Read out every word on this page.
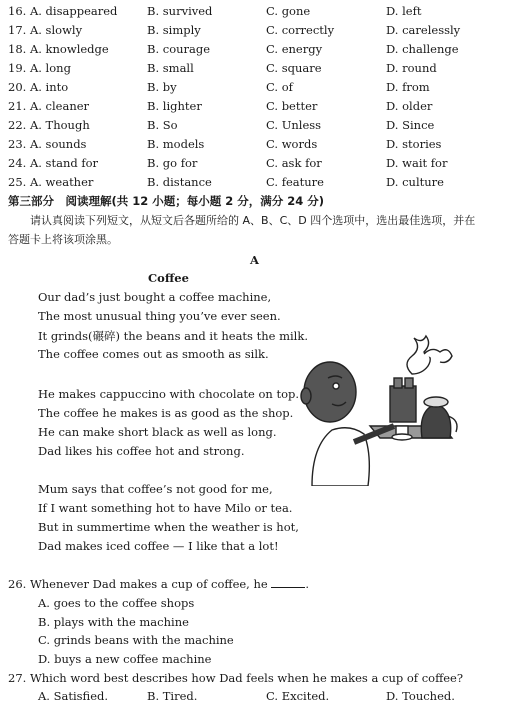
16. A. disappeared	B. survived	C. gone	D. left
17. A. slowly	B. simply	C. correctly	D. carelessly
18. A. knowledge	B. courage	C. energy	D. challenge
19. A. long	B. small	C. square	D. round
20. A. into	B. by	C. of	D. from
21. A. cleaner	B. lighter	C. better	D. older
22. A. Though	B. So	C. Unless	D. Since
23. A. sounds	B. models	C. words	D. stories
24. A. stand for	B. go for	C. ask for	D. wait for
25. A. weather	B. distance	C. feature	D. culture
第三部分　阅读理解(共 12 小题；每小题 2 分，满分 24 分)
请认真阅读下列短文，从短文后各题所给的 A、B、C、D 四个选项中，选出最佳选项，并在
答题卡上将该项涂黑。
A
Coffee
Our dad’s just bought a coffee machine,
The most unusual thing you’ve ever seen.
It grinds(碾碎) the beans and it heats the milk.
The coffee comes out as smooth as silk.
He makes cappuccino with chocolate on top.
The coffee he makes is as good as the shop.
He can make short black as well as long.
Dad likes his coffee hot and strong.
Mum says that coffee’s not good for me,
If I want something hot to have Milo or tea.
But in summertime when the weather is hot,
Dad makes iced coffee — I like that a lot!
26. Whenever Dad makes a cup of coffee, he	.
A. goes to the coffee shops
B. plays with the machine
C. grinds beans with the machine
D. buys a new coffee machine
27. Which word best describes how Dad feels when he makes a cup of coffee?
A. Satisfied.	B. Tired.	C. Excited.	D. Touched.
